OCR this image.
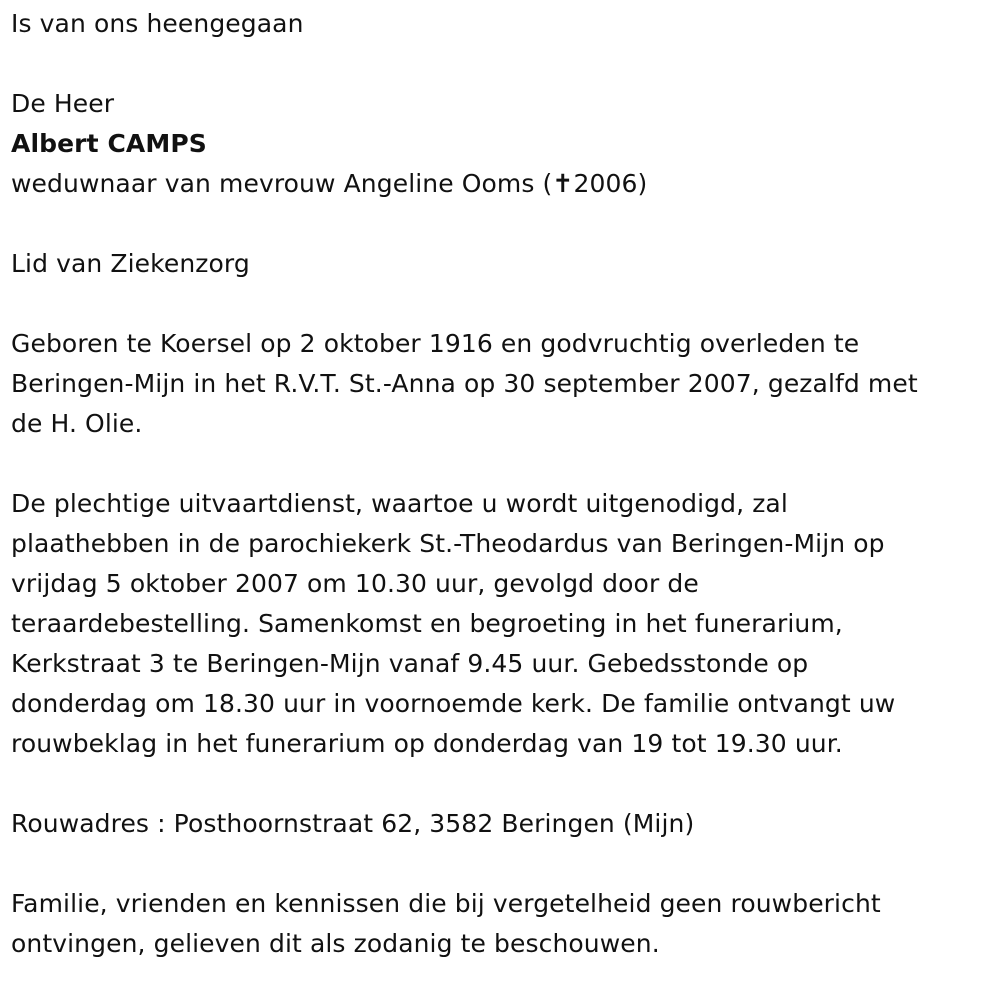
Is van ons heengegaan

De Heer

Albert CAMPS

weduwnaar van mevrouw Angeline Ooms (✝2006)

Lid van Ziekenzorg

Geboren te Koersel op 2 oktober 1916 en godvruchtig overleden te

Beringen-Mijn in het R.V.T. St.-Anna op 30 september 2007, gezalfd met

de H. Olie.

De plechtige uitvaartdienst, waartoe u wordt uitgenodigd, zal

plaathebben in de parochiekerk St.-Theodardus van Beringen-Mijn op

vrijdag 5 oktober 2007 om 10.30 uur, gevolgd door de

teraardebestelling. Samenkomst en begroeting in het funerarium,

Kerkstraat 3 te Beringen-Mijn vanaf 9.45 uur. Gebedsstonde op

donderdag om 18.30 uur in voornoemde kerk. De familie ontvangt uw

rouwbeklag in het funerarium op donderdag van 19 tot 19.30 uur.

Rouwadres : Posthoornstraat 62, 3582 Beringen (Mijn)

Familie, vrienden en kennissen die bij vergetelheid geen rouwbericht

ontvingen, gelieven dit als zodanig te beschouwen.
